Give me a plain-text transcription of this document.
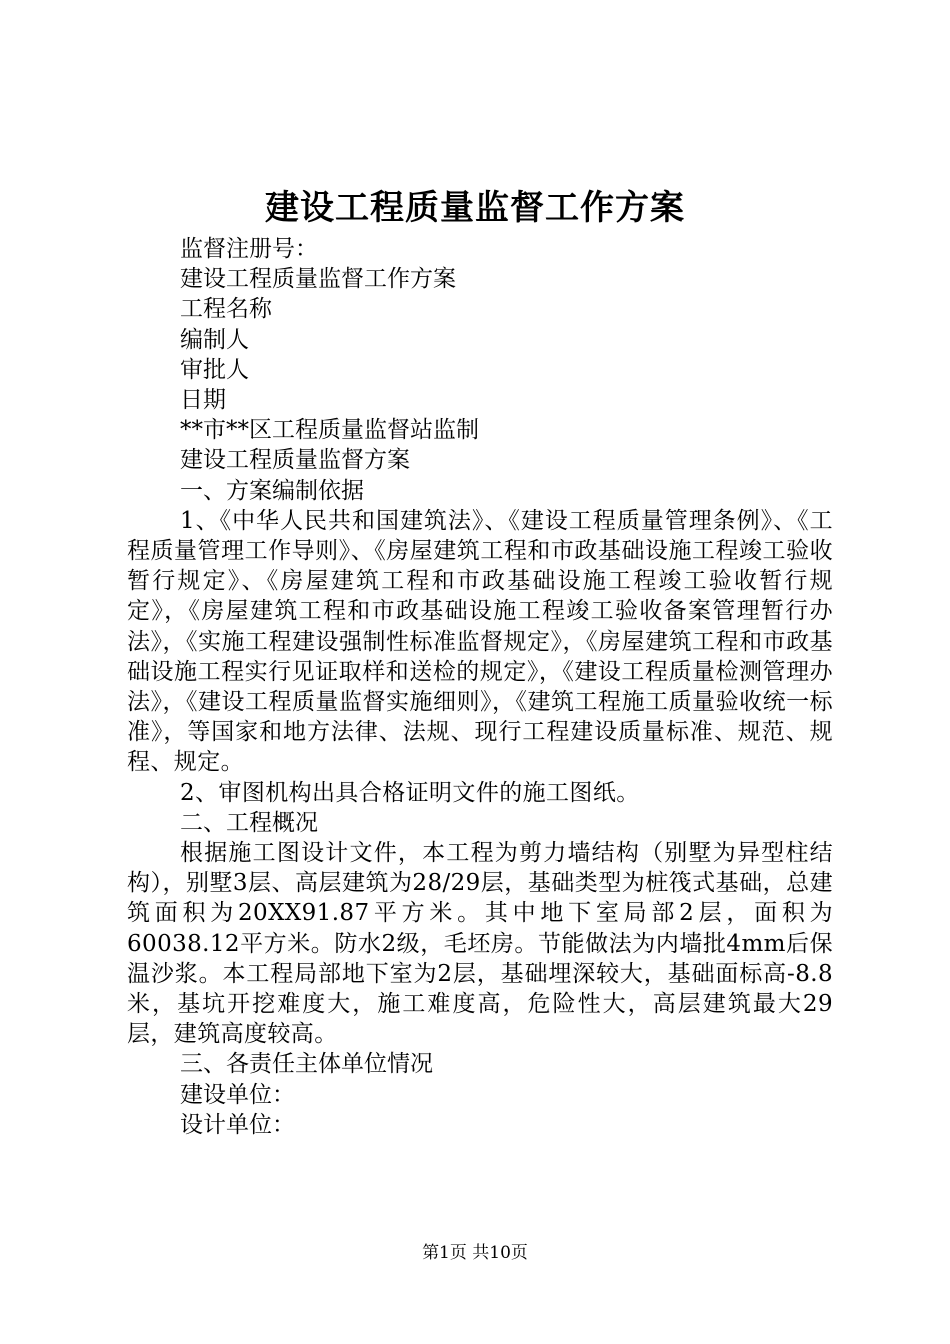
建设工程质量监督工作方案

监督注册号：

建设工程质量监督工作方案

工程名称

编制人

审批人

日期

**市**区工程质量监督站监制

建设工程质量监督方案

一、方案编制依据

1、《中华人民共和国建筑法》、《建设工程质量管理条例》、《工程质量管理工作导则》、《房屋建筑工程和市政基础设施工程竣工验收暂行规定》、《房屋建筑工程和市政基础设施工程竣工验收暂行规定》，《房屋建筑工程和市政基础设施工程竣工验收备案管理暂行办法》，《实施工程建设强制性标准监督规定》，《房屋建筑工程和市政基础设施工程实行见证取样和送检的规定》，《建设工程质量检测管理办法》，《建设工程质量监督实施细则》，《建筑工程施工质量验收统一标准》，等国家和地方法律、法规、现行工程建设质量标准、规范、规程、规定。

2、审图机构出具合格证明文件的施工图纸。

二、工程概况

根据施工图设计文件，本工程为剪力墙结构（别墅为异型柱结构），别墅3层、高层建筑为28/29层，基础类型为桩筏式基础，总建筑面积为20XX91.87平方米。其中地下室局部2层，面积为60038.12平方米。防水2级，毛坯房。节能做法为内墙批4mm后保温沙浆。本工程局部地下室为2层，基础埋深较大，基础面标高-8.8米，基坑开挖难度大，施工难度高，危险性大，高层建筑最大29层，建筑高度较高。

三、各责任主体单位情况

建设单位：

设计单位：

第1页 共10页
